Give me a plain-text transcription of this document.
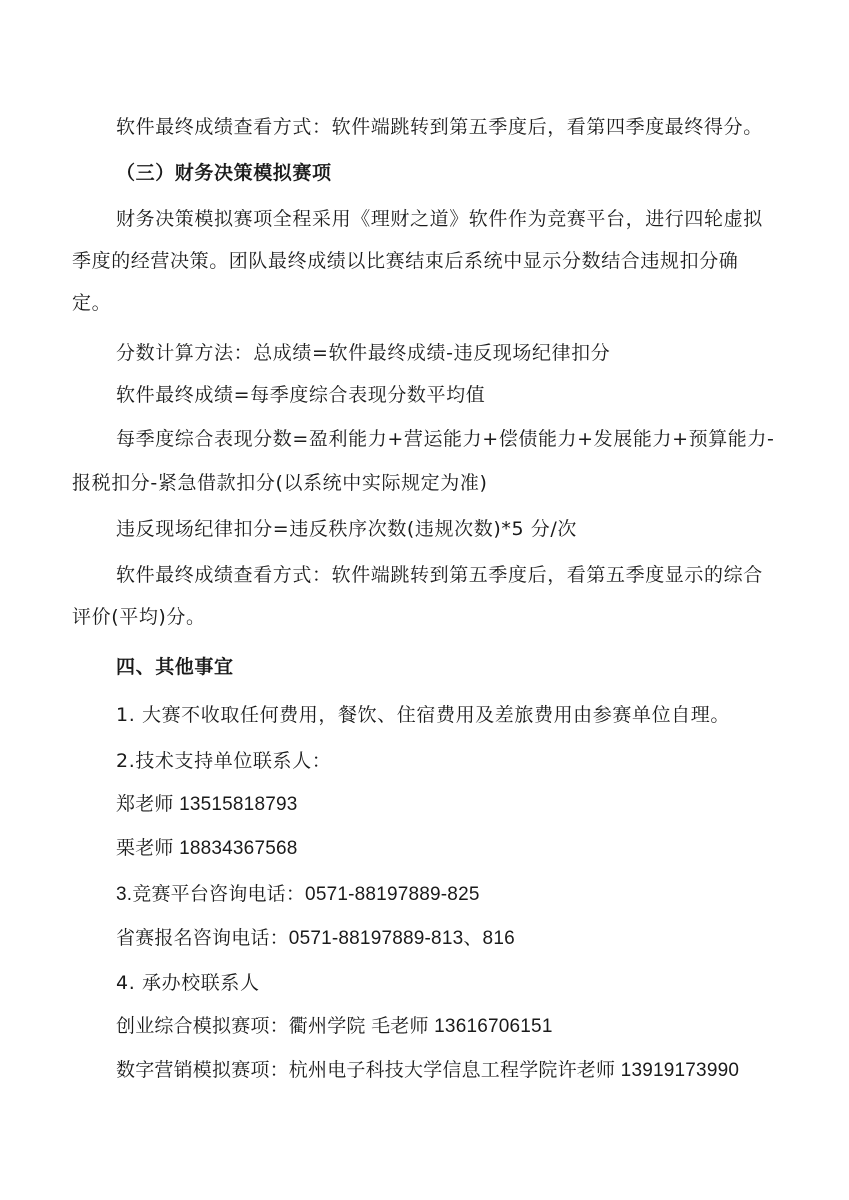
软件最终成绩查看方式：软件端跳转到第五季度后，看第四季度最终得分。
（三）财务决策模拟赛项
财务决策模拟赛项全程采用《理财之道》软件作为竞赛平台，进行四轮虚拟
季度的经营决策。团队最终成绩以比赛结束后系统中显示分数结合违规扣分确
定。
分数计算方法：总成绩=软件最终成绩-违反现场纪律扣分
软件最终成绩=每季度综合表现分数平均值
每季度综合表现分数=盈利能力+营运能力+偿债能力+发展能力+预算能力-
报税扣分-紧急借款扣分(以系统中实际规定为准)
违反现场纪律扣分=违反秩序次数(违规次数)*5 分/次
软件最终成绩查看方式：软件端跳转到第五季度后，看第五季度显示的综合
评价(平均)分。
四、其他事宜
1. 大赛不收取任何费用，餐饮、住宿费用及差旅费用由参赛单位自理。
2.技术支持单位联系人：
郑老师 13515818793
栗老师 18834367568
3.竞赛平台咨询电话：0571-88197889-825
省赛报名咨询电话：0571-88197889-813、816
4. 承办校联系人
创业综合模拟赛项：衢州学院 毛老师 13616706151
数字营销模拟赛项：杭州电子科技大学信息工程学院许老师 13919173990
